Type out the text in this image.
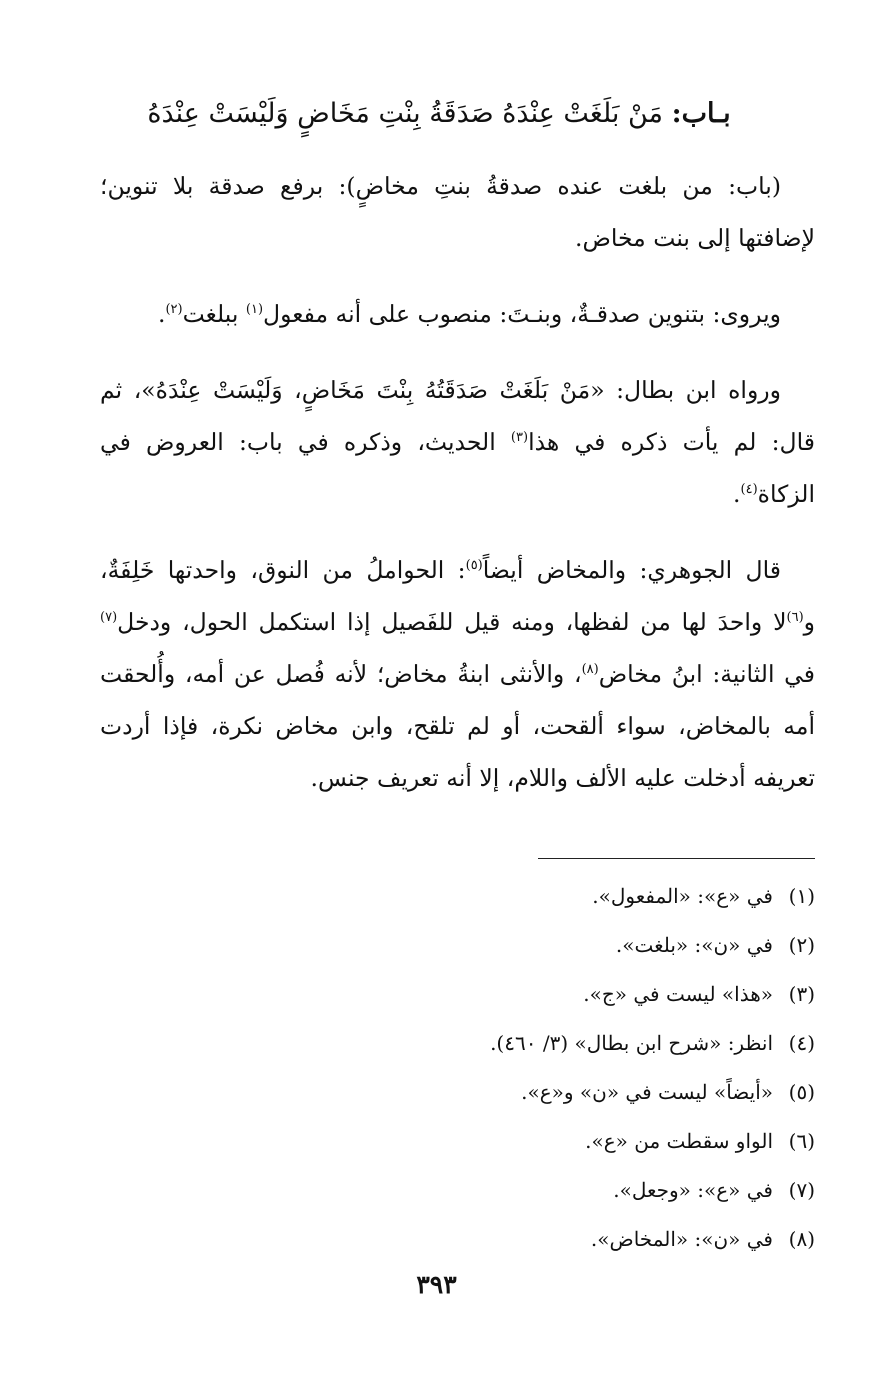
بـاب: مَنْ بَلَغَتْ عِنْدَهُ صَدَقَةُ بِنْتِ مَخَاضٍ وَلَيْسَتْ عِنْدَهُ

(باب: من بلغت عنده صدقةُ بنتِ مخاضٍ): برفع صدقة بلا تنوين؛ لإضافتها إلى بنت مخاض.

ويروى: بتنوين صدقـةٌ، وبنـتَ: منصوب على أنه مفعول$^{(١)}$ ببلغت$^{(٢)}$.

ورواه ابن بطال: «مَنْ بَلَغَتْ صَدَقَتُهُ بِنْتَ مَخَاضٍ، وَلَيْسَتْ عِنْدَهُ»، ثم قال: لم يأت ذكره في هذا$^{(٣)}$ الحديث، وذكره في باب: العروض في الزكاة$^{(٤)}$.

قال الجوهري: والمخاض أيضاً$^{(٥)}$: الحواملُ من النوق، واحدتها خَلِفَةٌ، و$^{(٦)}$لا واحدَ لها من لفظها، ومنه قيل للفَصيل إذا استكمل الحول، ودخل$^{(٧)}$ في الثانية: ابنُ مخاض$^{(٨)}$، والأنثى ابنةُ مخاض؛ لأنه فُصل عن أمه، وأُلحقت أمه بالمخاض، سواء ألقحت، أو لم تلقح، وابن مخاض نكرة، فإذا أردت تعريفه أدخلت عليه الألف واللام، إلا أنه تعريف جنس.

(١)في «ع»: «المفعول».
(٢)في «ن»: «بلغت».
(٣)«هذا» ليست في «ج».
(٤)انظر: «شرح ابن بطال» (٣/ ٤٦٠).
(٥)«أيضاً» ليست في «ن» و«ع».
(٦)الواو سقطت من «ع».
(٧)في «ع»: «وجعل».
(٨)في «ن»: «المخاض».
٣٩٣
